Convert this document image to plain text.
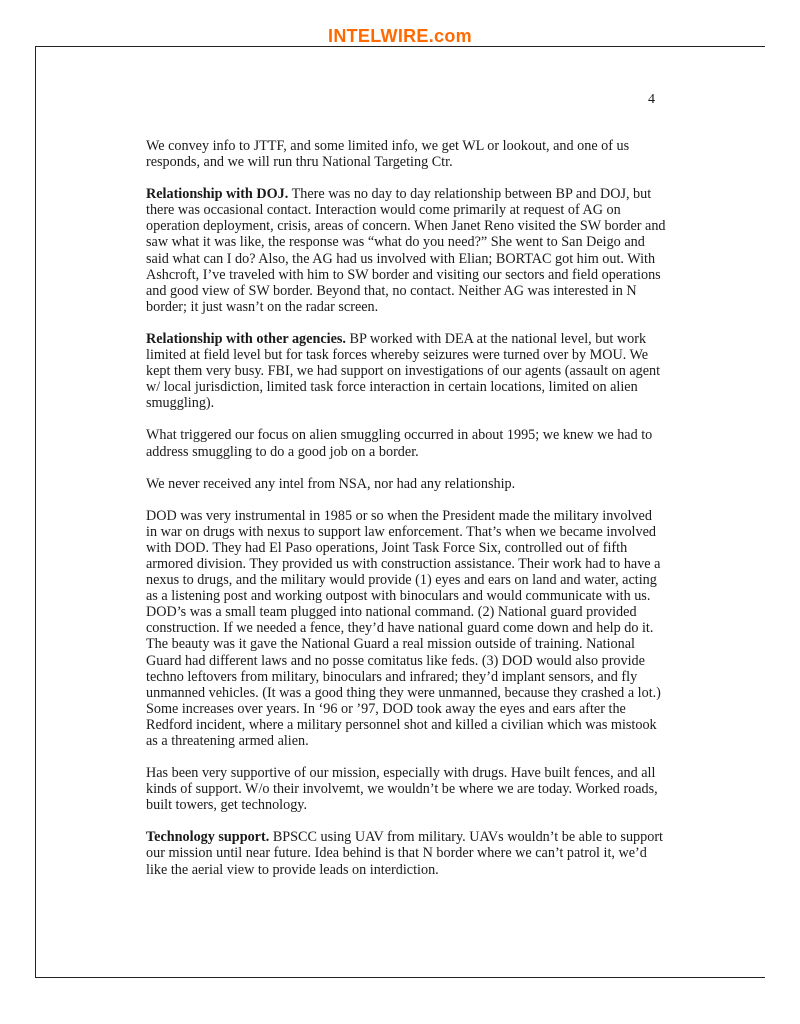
INTELWIRE.com
4

We convey info to JTTF, and some limited info, we get WL or lookout, and one of us responds, and we will run thru National Targeting Ctr.

Relationship with DOJ. There was no day to day relationship between BP and DOJ, but there was occasional contact. Interaction would come primarily at request of AG on operation deployment, crisis, areas of concern. When Janet Reno visited the SW border and saw what it was like, the response was “what do you need?” She went to San Deigo and said what can I do? Also, the AG had us involved with Elian; BORTAC got him out. With Ashcroft, I’ve traveled with him to SW border and visiting our sectors and field operations and good view of SW border. Beyond that, no contact. Neither AG was interested in N border; it just wasn’t on the radar screen.

Relationship with other agencies. BP worked with DEA at the national level, but work limited at field level but for task forces whereby seizures were turned over by MOU. We kept them very busy. FBI, we had support on investigations of our agents (assault on agent w/ local jurisdiction, limited task force interaction in certain locations, limited on alien smuggling).

What triggered our focus on alien smuggling occurred in about 1995; we knew we had to address smuggling to do a good job on a border.

We never received any intel from NSA, nor had any relationship.

DOD was very instrumental in 1985 or so when the President made the military involved in war on drugs with nexus to support law enforcement. That’s when we became involved with DOD. They had El Paso operations, Joint Task Force Six, controlled out of fifth armored division. They provided us with construction assistance. Their work had to have a nexus to drugs, and the military would provide (1) eyes and ears on land and water, acting as a listening post and working outpost with binoculars and would communicate with us. DOD’s was a small team plugged into national command. (2) National guard provided construction. If we needed a fence, they’d have national guard come down and help do it. The beauty was it gave the National Guard a real mission outside of training. National Guard had different laws and no posse comitatus like feds. (3) DOD would also provide techno leftovers from military, binoculars and infrared; they’d implant sensors, and fly unmanned vehicles. (It was a good thing they were unmanned, because they crashed a lot.) Some increases over years. In ‘96 or ’97, DOD took away the eyes and ears after the Redford incident, where a military personnel shot and killed a civilian which was mistook as a threatening armed alien.

Has been very supportive of our mission, especially with drugs. Have built fences, and all kinds of support. W/o their involvemt, we wouldn’t be where we are today. Worked roads, built towers, get technology.

Technology support. BPSCC using UAV from military. UAVs wouldn’t be able to support our mission until near future. Idea behind is that N border where we can’t patrol it, we’d like the aerial view to provide leads on interdiction.
